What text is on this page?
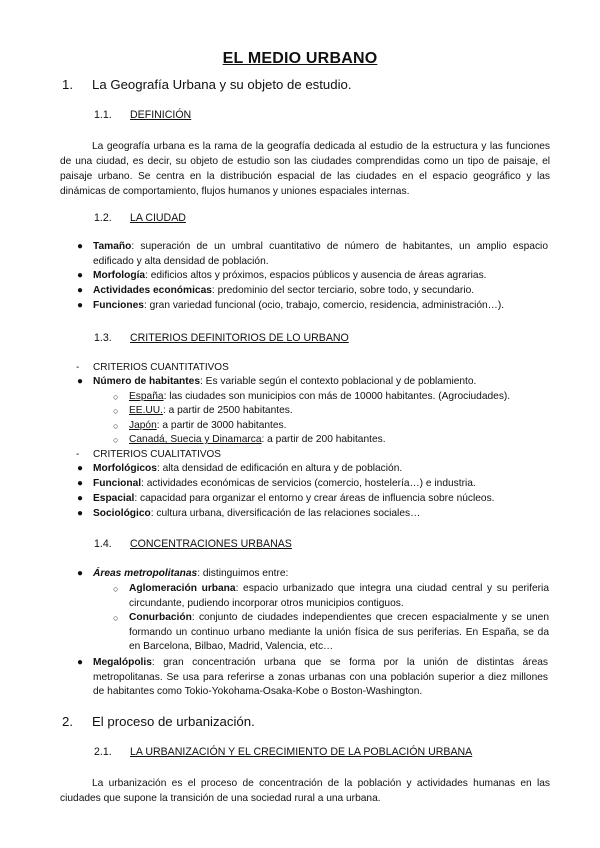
EL MEDIO URBANO
1. La Geografía Urbana y su objeto de estudio.
1.1. DEFINICIÓN
La geografía urbana es la rama de la geografía dedicada al estudio de la estructura y las funciones de una ciudad, es decir, su objeto de estudio son las ciudades comprendidas como un tipo de paisaje, el paisaje urbano. Se centra en la distribución espacial de las ciudades en el espacio geográfico y las dinámicas de comportamiento, flujos humanos y uniones espaciales internas.
1.2. LA CIUDAD
● Tamaño: superación de un umbral cuantitativo de número de habitantes, un amplio espacio edificado y alta densidad de población.
● Morfología: edificios altos y próximos, espacios públicos y ausencia de áreas agrarias.
● Actividades económicas: predominio del sector terciario, sobre todo, y secundario.
● Funciones: gran variedad funcional (ocio, trabajo, comercio, residencia, administración…).
1.3. CRITERIOS DEFINITORIOS DE LO URBANO
- CRITERIOS CUANTITATIVOS
● Número de habitantes: Es variable según el contexto poblacional y de poblamiento.
○ España: las ciudades son municipios con más de 10000 habitantes. (Agrociudades).
○ EE.UU.: a partir de 2500 habitantes.
○ Japón: a partir de 3000 habitantes.
○ Canadá, Suecia y Dinamarca: a partir de 200 habitantes.
- CRITERIOS CUALITATIVOS
● Morfológicos: alta densidad de edificación en altura y de población.
● Funcional: actividades económicas de servicios (comercio, hostelería…) e industria.
● Espacial: capacidad para organizar el entorno y crear áreas de influencia sobre núcleos.
● Sociológico: cultura urbana, diversificación de las relaciones sociales…
1.4. CONCENTRACIONES URBANAS
● Áreas metropolitanas: distinguimos entre:
○ Aglomeración urbana: espacio urbanizado que integra una ciudad central y su periferia circundante, pudiendo incorporar otros municipios contiguos.
○ Conurbación: conjunto de ciudades independientes que crecen espacialmente y se unen formando un continuo urbano mediante la unión física de sus periferias. En España, se da en Barcelona, Bilbao, Madrid, Valencia, etc…
● Megalópolis: gran concentración urbana que se forma por la unión de distintas áreas metropolitanas. Se usa para referirse a zonas urbanas con una población superior a diez millones de habitantes como Tokio-Yokohama-Osaka-Kobe o Boston-Washington.
2. El proceso de urbanización.
2.1. LA URBANIZACIÓN Y EL CRECIMIENTO DE LA POBLACIÓN URBANA
La urbanización es el proceso de concentración de la población y actividades humanas en las ciudades que supone la transición de una sociedad rural a una urbana.
